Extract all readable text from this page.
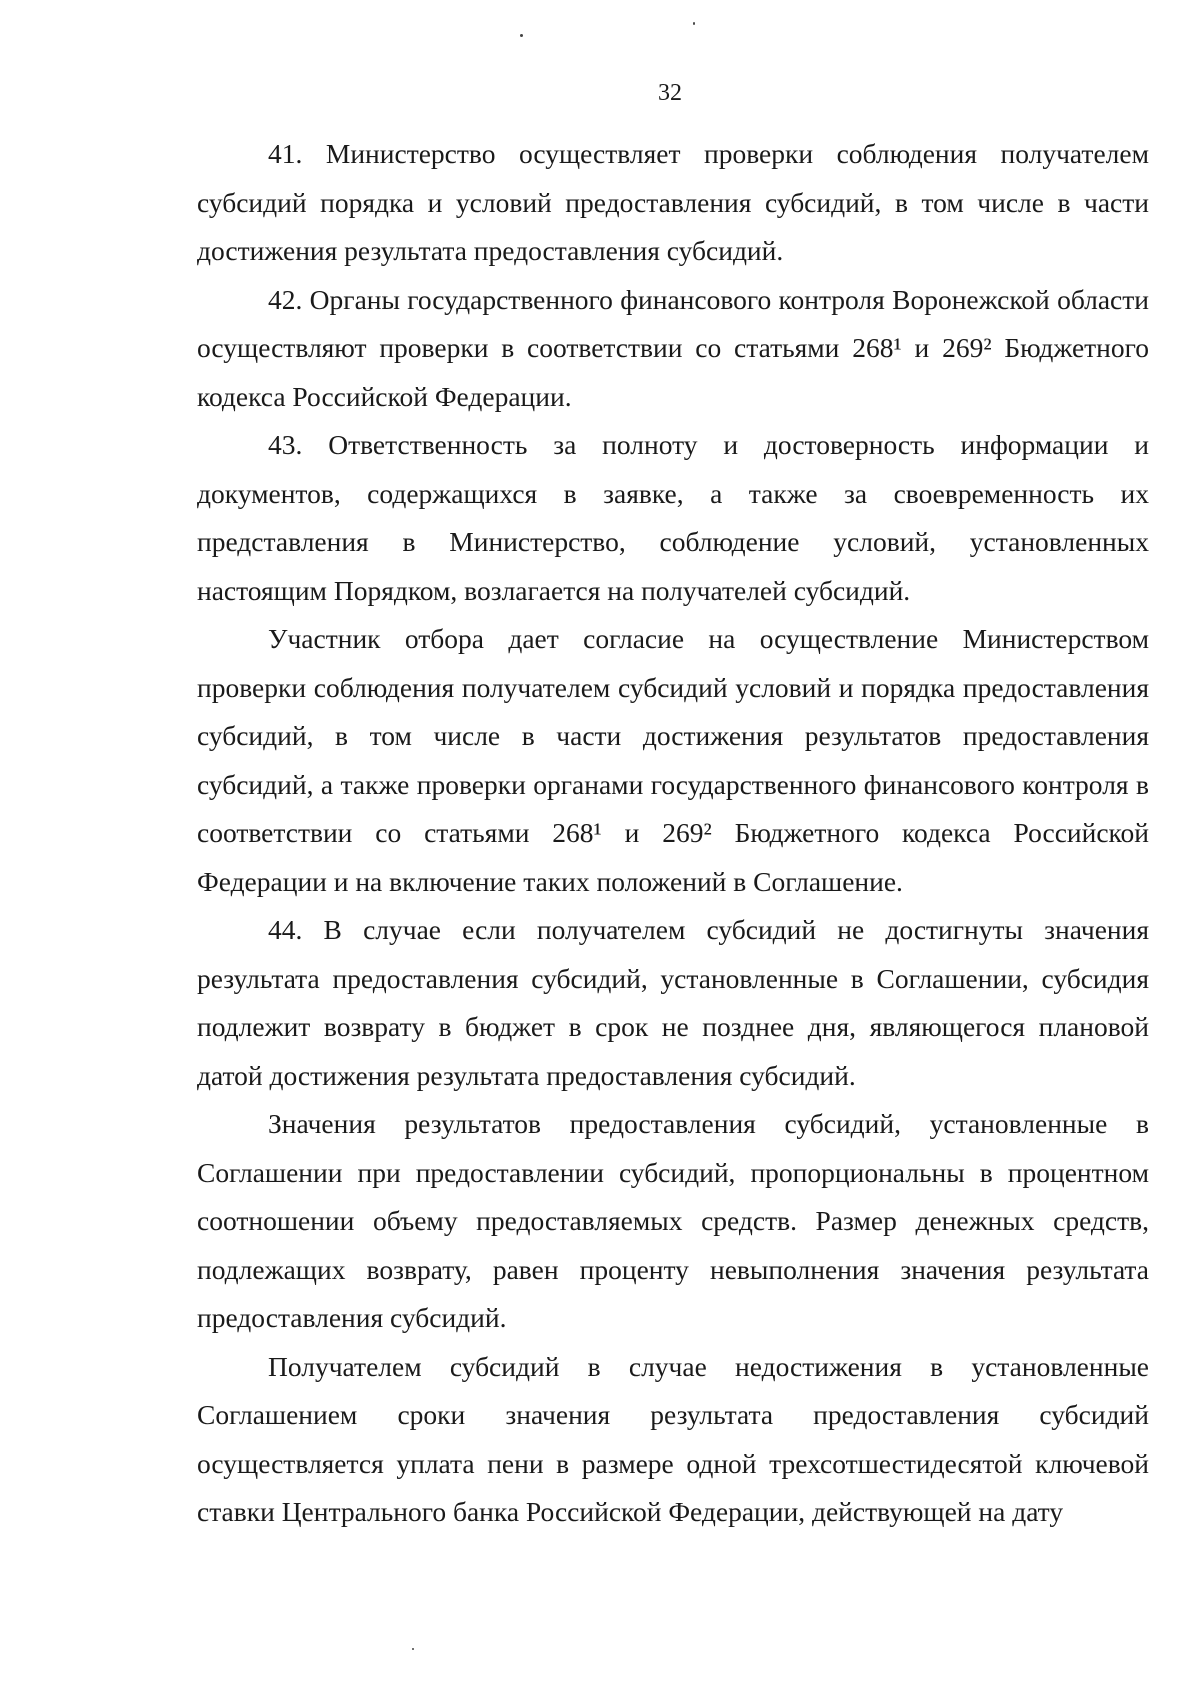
32

41. Министерство осуществляет проверки соблюдения получателем субсидий порядка и условий предоставления субсидий, в том числе в части достижения результата предоставления субсидий.

42. Органы государственного финансового контроля Воронежской области осуществляют проверки в соответствии со статьями 268¹ и 269² Бюджетного кодекса Российской Федерации.

43. Ответственность за полноту и достоверность информации и документов, содержащихся в заявке, а также за своевременность их представления в Министерство, соблюдение условий, установленных настоящим Порядком, возлагается на получателей субсидий.

Участник отбора дает согласие на осуществление Министерством проверки соблюдения получателем субсидий условий и порядка предоставления субсидий, в том числе в части достижения результатов предоставления субсидий, а также проверки органами государственного финансового контроля в соответствии со статьями 268¹ и 269² Бюджетного кодекса Российской Федерации и на включение таких положений в Соглашение.

44. В случае если получателем субсидий не достигнуты значения результата предоставления субсидий, установленные в Соглашении, субсидия подлежит возврату в бюджет в срок не позднее дня, являющегося плановой датой достижения результата предоставления субсидий.

Значения результатов предоставления субсидий, установленные в Соглашении при предоставлении субсидий, пропорциональны в процентном соотношении объему предоставляемых средств. Размер денежных средств, подлежащих возврату, равен проценту невыполнения значения результата предоставления субсидий.

Получателем субсидий в случае недостижения в установленные Соглашением сроки значения результата предоставления субсидий осуществляется уплата пени в размере одной трехсотшестидесятой ключевой ставки Центрального банка Российской Федерации, действующей на дату
